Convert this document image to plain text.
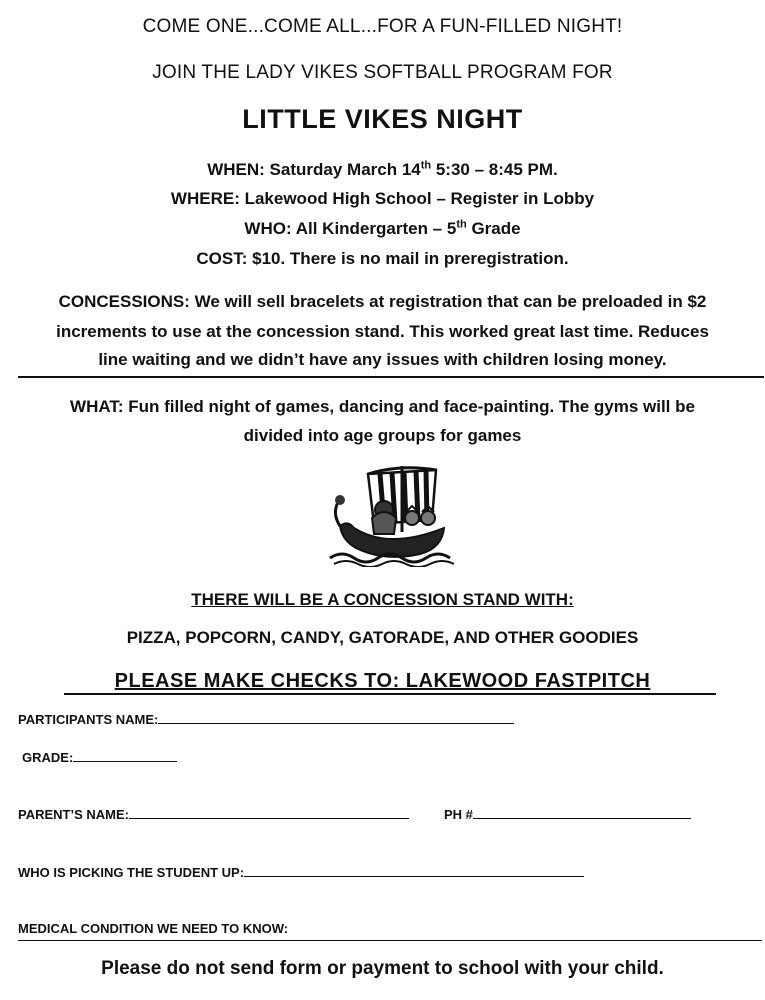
COME ONE...COME ALL...FOR A FUN-FILLED NIGHT!
JOIN THE LADY VIKES SOFTBALL PROGRAM FOR
LITTLE VIKES NIGHT
WHEN: Saturday March 14th 5:30 – 8:45 PM.
WHERE: Lakewood High School – Register in Lobby
WHO: All Kindergarten – 5th Grade
COST: $10. There is no mail in preregistration.
CONCESSIONS: We will sell bracelets at registration that can be preloaded in $2
increments to use at the concession stand. This worked great last time. Reduces
line waiting and we didn’t have any issues with children losing money.
WHAT: Fun filled night of games, dancing and face-painting. The gyms will be
divided into age groups for games
THERE WILL BE A CONCESSION STAND WITH:
PIZZA, POPCORN, CANDY, GATORADE, AND OTHER GOODIES
PLEASE MAKE CHECKS TO: LAKEWOOD FASTPITCH
PARTICIPANTS NAME:
GRADE:
PARENT’S NAME:	PH #
WHO IS PICKING THE STUDENT UP:
MEDICAL CONDITION WE NEED TO KNOW:
Please do not send form or payment to school with your child.
